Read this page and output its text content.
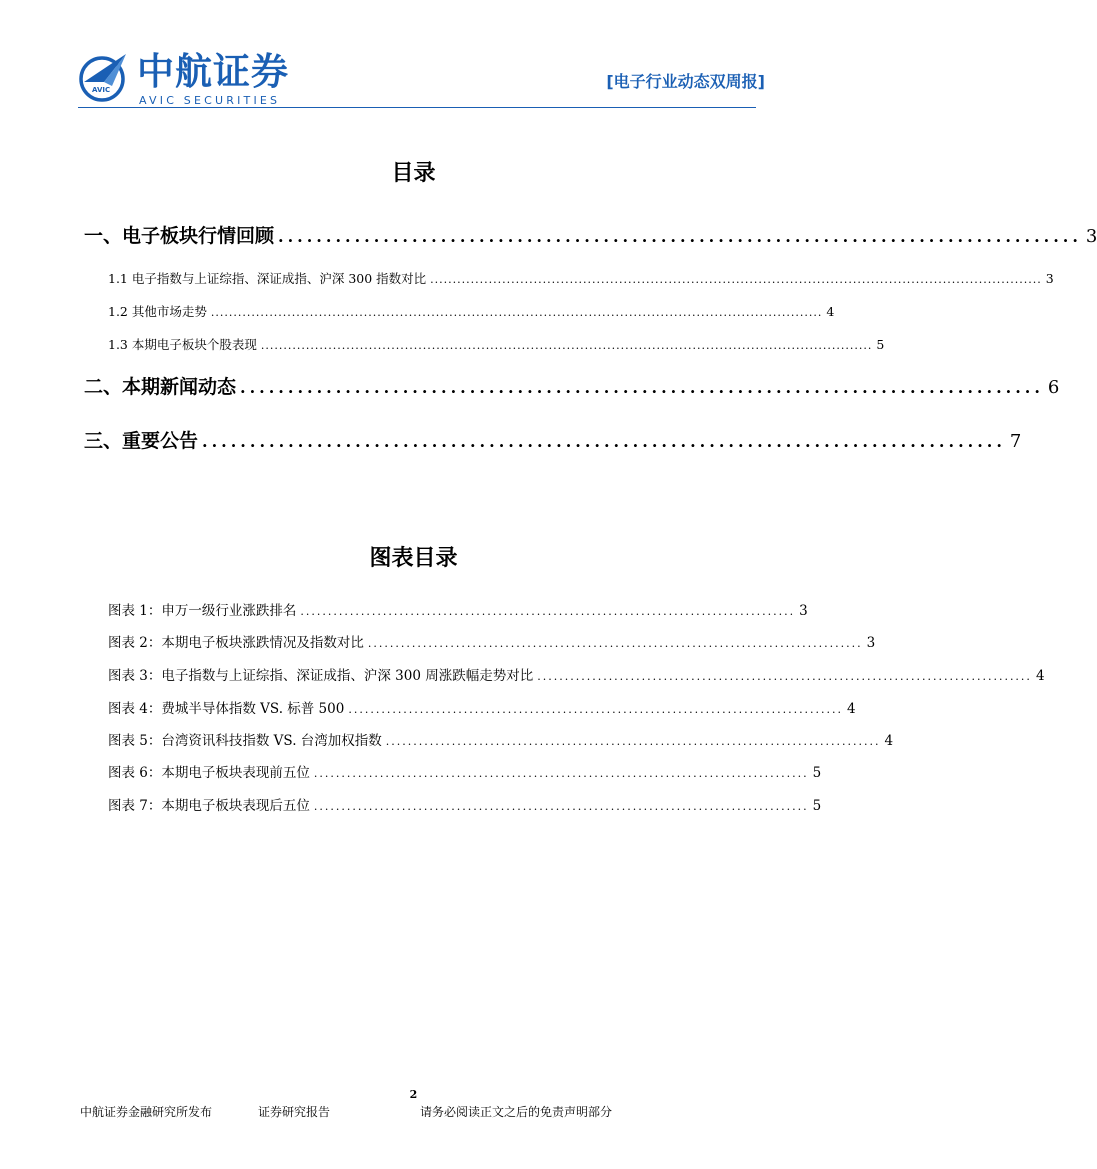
AVIC 中航证券
AVIC SECURITIES
[电子行业动态双周报]
目录
一、电子板块行情回顾 .................................................................................... 3
1.1 电子指数与上证综指、深证成指、沪深 300 指数对比 ........................................................................................................................................ 3
1.2 其他市场走势 ........................................................................................................................................ 4
1.3 本期电子板块个股表现 ........................................................................................................................................ 5
二、本期新闻动态 .................................................................................... 6
三、重要公告 .................................................................................... 7
图表目录
图表 1：申万一级行业涨跌排名 .......................................................................................... 3
图表 2：本期电子板块涨跌情况及指数对比 .......................................................................................... 3
图表 3：电子指数与上证综指、深证成指、沪深 300 周涨跌幅走势对比 .......................................................................................... 4
图表 4：费城半导体指数 VS. 标普 500 .......................................................................................... 4
图表 5：台湾资讯科技指数 VS. 台湾加权指数 .......................................................................................... 4
图表 6：本期电子板块表现前五位 .......................................................................................... 5
图表 7：本期电子板块表现后五位 .......................................................................................... 5
2
中航证券金融研究所发布	证券研究报告	请务必阅读正文之后的免责声明部分
